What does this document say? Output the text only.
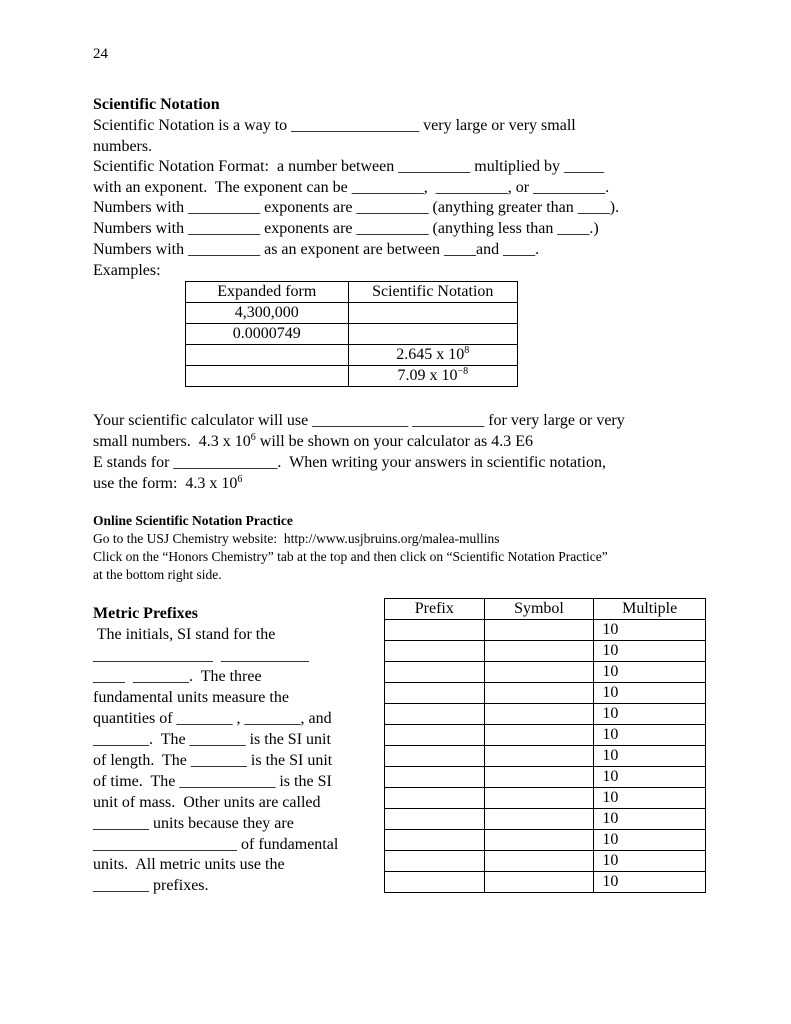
24
Scientific Notation
Scientific Notation is a way to ________________ very large or very small
numbers.
Scientific Notation Format:  a number between _________ multiplied by _____
with an exponent.  The exponent can be _________,  _________, or _________.
Numbers with _________ exponents are _________ (anything greater than ____).
Numbers with _________ exponents are _________ (anything less than ____.)
Numbers with _________ as an exponent are between ____and ____.
Examples:
Expanded form	Scientific Notation
4,300,000	
0.0000749	
	2.645 x $10^8$
	7.09 x $10^{-8}$
Your scientific calculator will use ____________ _________ for very large or very
small numbers.  4.3 x $10^6$ will be shown on your calculator as 4.3 E6
E stands for _____________.  When writing your answers in scientific notation,
use the form:  4.3 x $10^6$
Online Scientific Notation Practice
Go to the USJ Chemistry website:  http://www.usjbruins.org/malea-mullins
Click on the “Honors Chemistry” tab at the top and then click on “Scientific Notation Practice”
at the bottom right side.
Metric Prefixes
The initials, SI stand for the
_______________  ___________
____  _______.  The three
fundamental units measure the
quantities of _______ , _______, and
_______.  The _______ is the SI unit
of length.  The _______ is the SI unit
of time.  The ____________ is the SI
unit of mass.  Other units are called
_______ units because they are
__________________ of fundamental
units.  All metric units use the
_______ prefixes.
Prefix	Symbol	Multiple
		10
		10
		10
		10
		10
		10
		10
		10
		10
		10
		10
		10
		10
